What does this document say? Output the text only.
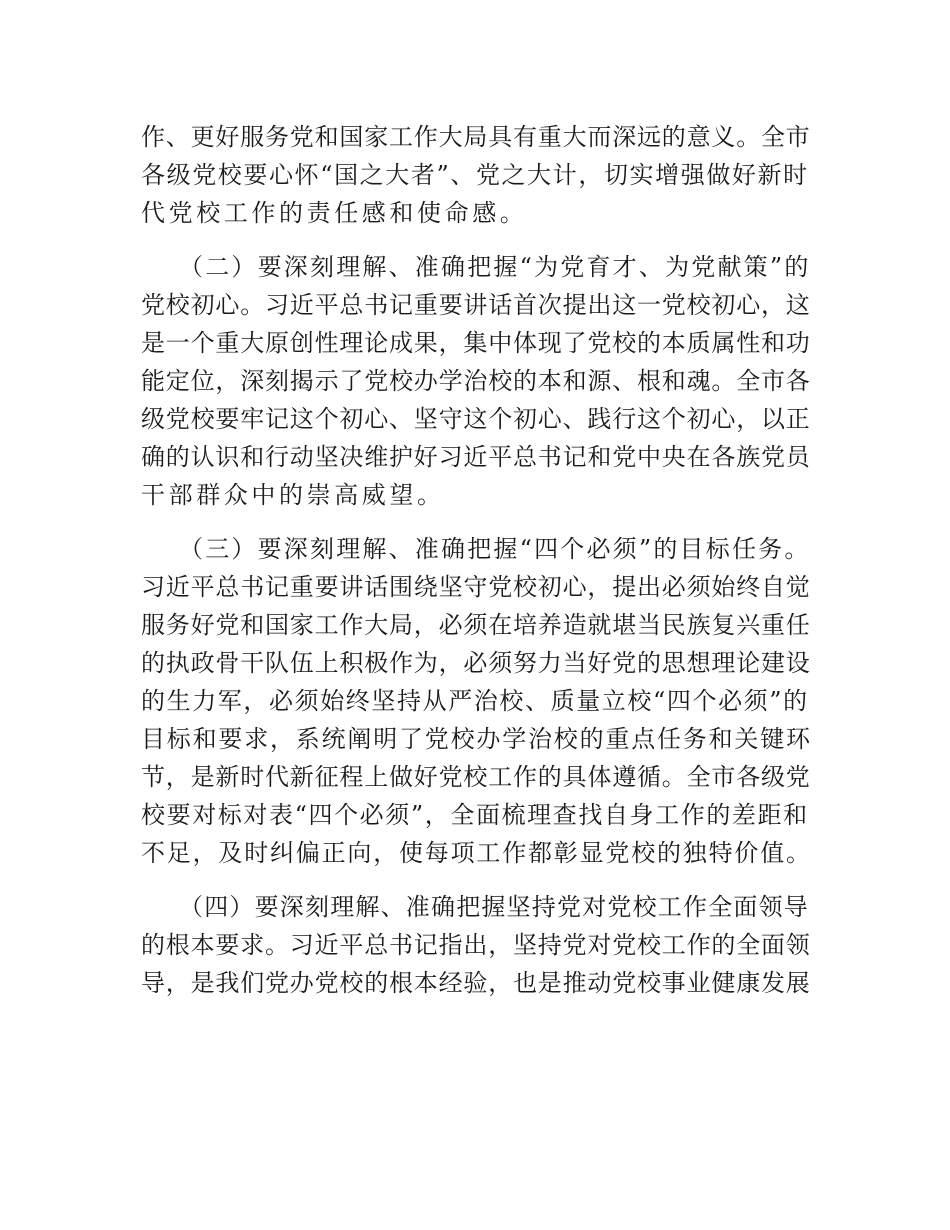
作、更好服务党和国家工作大局具有重大而深远的意义。全市
各级党校要心怀“国之大者”、党之大计，切实增强做好新时
代党校工作的责任感和使命感。
（二）要深刻理解、准确把握“为党育才、为党献策”的
党校初心。习近平总书记重要讲话首次提出这一党校初心，这
是一个重大原创性理论成果，集中体现了党校的本质属性和功
能定位，深刻揭示了党校办学治校的本和源、根和魂。全市各
级党校要牢记这个初心、坚守这个初心、践行这个初心，以正
确的认识和行动坚决维护好习近平总书记和党中央在各族党员
干部群众中的崇高威望。
（三）要深刻理解、准确把握“四个必须”的目标任务。
习近平总书记重要讲话围绕坚守党校初心，提出必须始终自觉
服务好党和国家工作大局，必须在培养造就堪当民族复兴重任
的执政骨干队伍上积极作为，必须努力当好党的思想理论建设
的生力军，必须始终坚持从严治校、质量立校“四个必须”的
目标和要求，系统阐明了党校办学治校的重点任务和关键环
节，是新时代新征程上做好党校工作的具体遵循。全市各级党
校要对标对表“四个必须”，全面梳理查找自身工作的差距和
不足，及时纠偏正向，使每项工作都彰显党校的独特价值。
（四）要深刻理解、准确把握坚持党对党校工作全面领导
的根本要求。习近平总书记指出，坚持党对党校工作的全面领
导，是我们党办党校的根本经验，也是推动党校事业健康发展
